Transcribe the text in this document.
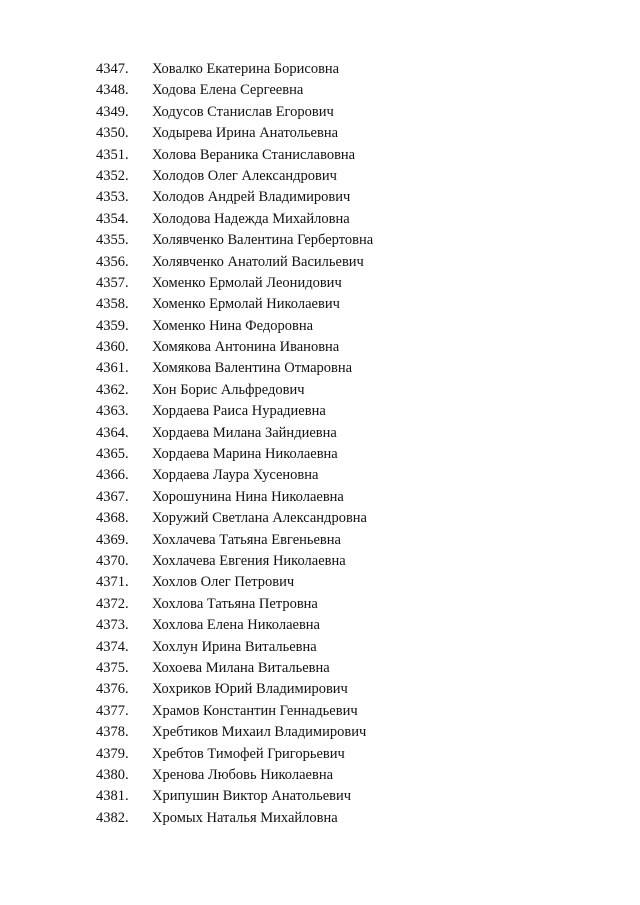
4347.	Ховалко Екатерина Борисовна
4348.	Ходова Елена Сергеевна
4349.	Ходусов Станислав Егорович
4350.	Ходырева Ирина Анатольевна
4351.	Холова Вераника Станиславовна
4352.	Холодов Олег Александрович
4353.	Холодов Андрей Владимирович
4354.	Холодова Надежда Михайловна
4355.	Холявченко Валентина Гербертовна
4356.	Холявченко Анатолий Васильевич
4357.	Хоменко Ермолай Леонидович
4358.	Хоменко Ермолай Николаевич
4359.	Хоменко Нина Федоровна
4360.	Хомякова Антонина Ивановна
4361.	Хомякова Валентина Отмаровна
4362.	Хон Борис Альфредович
4363.	Хордаева Раиса Нурадиевна
4364.	Хордаева Милана Зайндиевна
4365.	Хордаева Марина Николаевна
4366.	Хордаева Лаура Хусеновна
4367.	Хорошунина Нина Николаевна
4368.	Хоружий Светлана Александровна
4369.	Хохлачева Татьяна Евгеньевна
4370.	Хохлачева Евгения Николаевна
4371.	Хохлов Олег Петрович
4372.	Хохлова Татьяна Петровна
4373.	Хохлова Елена Николаевна
4374.	Хохлун Ирина Витальевна
4375.	Хохоева Милана Витальевна
4376.	Хохриков Юрий Владимирович
4377.	Храмов Константин Геннадьевич
4378.	Хребтиков Михаил Владимирович
4379.	Хребтов Тимофей Григорьевич
4380.	Хренова Любовь Николаевна
4381.	Хрипушин Виктор Анатольевич
4382.	Хромых Наталья Михайловна
